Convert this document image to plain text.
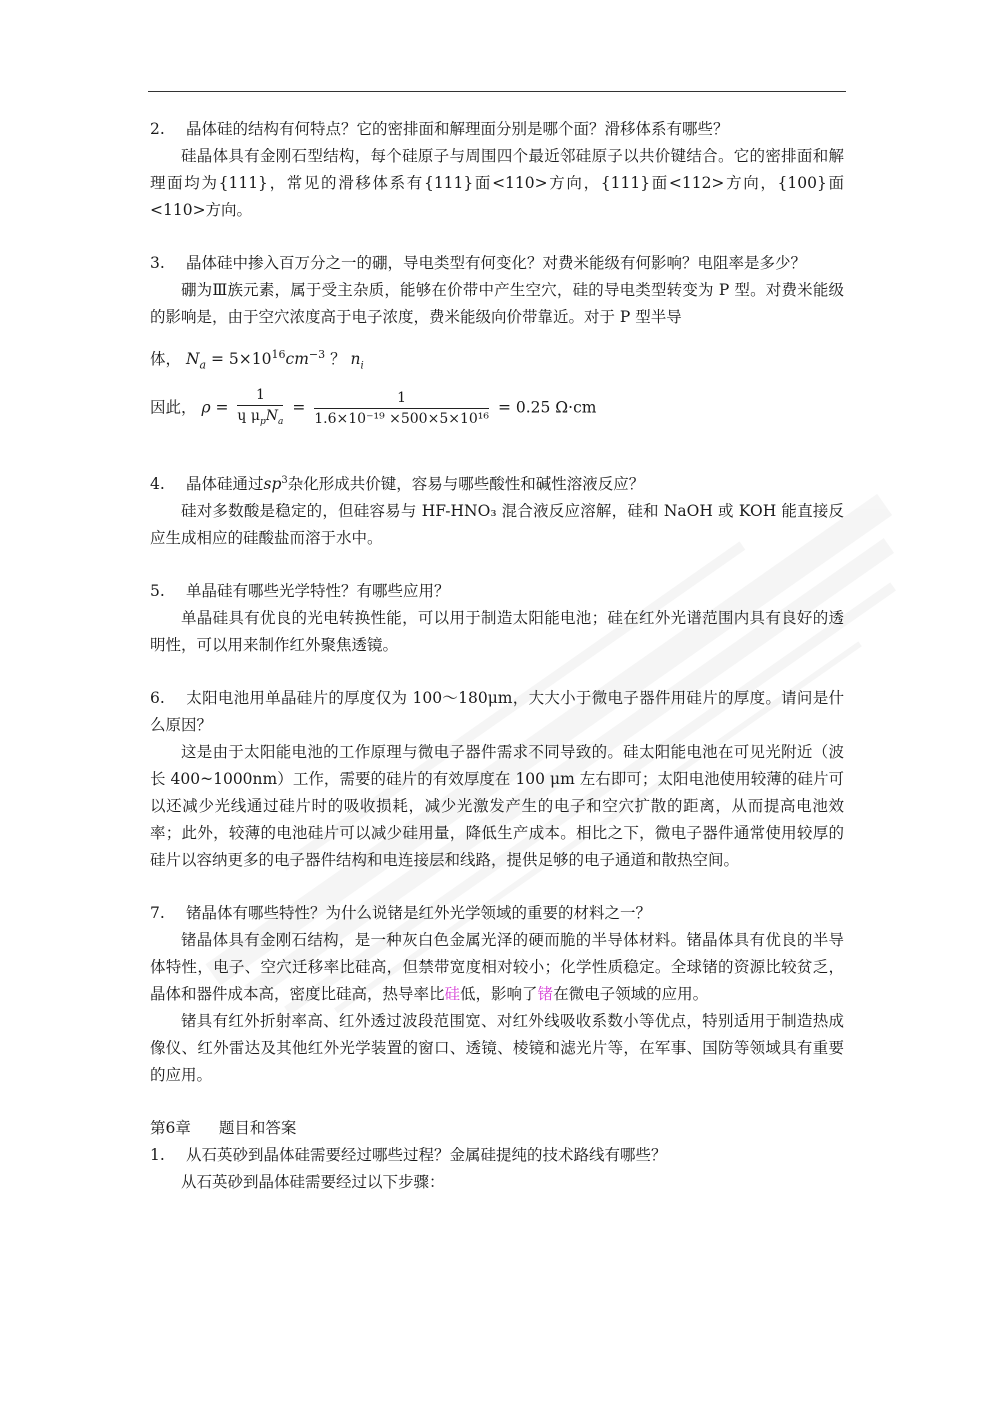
2. 晶体硅的结构有何特点？它的密排面和解理面分别是哪个面？滑移体系有哪些？

硅晶体具有金刚石型结构，每个硅原子与周围四个最近邻硅原子以共价键结合。它的密排面和解理面均为{111}，常见的滑移体系有{111}面<110>方向，{111}面<112>方向，{100}面<110>方向。

3. 晶体硅中掺入百万分之一的硼，导电类型有何变化？对费米能级有何影响？电阻率是多少？

硼为Ⅲ族元素，属于受主杂质，能够在价带中产生空穴，硅的导电类型转变为 P 型。对费米能级的影响是，由于空穴浓度高于电子浓度，费米能级向价带靠近。对于 P 型半导

体， $N_a = 5\times 10^{16}cm^{-3}$ ？ $n_i$

因此， $\rho = \frac{1}{ɥ \mu_pN_a} = \frac{1}{\text{1.6×10⁻¹⁹ ×500×5×10¹⁶}} = 0.25$ Ω·cm

4. 晶体硅通过$sp^3$杂化形成共价键，容易与哪些酸性和碱性溶液反应？

硅对多数酸是稳定的，但硅容易与 HF-HNO₃ 混合液反应溶解，硅和 NaOH 或 KOH 能直接反应生成相应的硅酸盐而溶于水中。

5. 单晶硅有哪些光学特性？有哪些应用？

单晶硅具有优良的光电转换性能，可以用于制造太阳能电池；硅在红外光谱范围内具有良好的透明性，可以用来制作红外聚焦透镜。

6. 太阳电池用单晶硅片的厚度仅为 100～180μm，大大小于微电子器件用硅片的厚度。请问是什么原因？

这是由于太阳能电池的工作原理与微电子器件需求不同导致的。硅太阳能电池在可见光附近（波长 400~1000nm）工作，需要的硅片的有效厚度在 100 μm 左右即可；太阳电池使用较薄的硅片可以还减少光线通过硅片时的吸收损耗，减少光激发产生的电子和空穴扩散的距离，从而提高电池效率；此外，较薄的电池硅片可以减少硅用量，降低生产成本。相比之下，微电子器件通常使用较厚的硅片以容纳更多的电子器件结构和电连接层和线路，提供足够的电子通道和散热空间。

7. 锗晶体有哪些特性？为什么说锗是红外光学领域的重要的材料之一？

锗晶体具有金刚石结构，是一种灰白色金属光泽的硬而脆的半导体材料。锗晶体具有优良的半导体特性，电子、空穴迁移率比硅高，但禁带宽度相对较小；化学性质稳定。全球锗的资源比较贫乏，晶体和器件成本高，密度比硅高，热导率比硅低，影响了锗在微电子领域的应用。

锗具有红外折射率高、红外透过波段范围宽、对红外线吸收系数小等优点，特别适用于制造热成像仪、红外雷达及其他红外光学装置的窗口、透镜、棱镜和滤光片等，在军事、国防等领域具有重要的应用。

第6章 题目和答案

1. 从石英砂到晶体硅需要经过哪些过程？金属硅提纯的技术路线有哪些？

从石英砂到晶体硅需要经过以下步骤：
